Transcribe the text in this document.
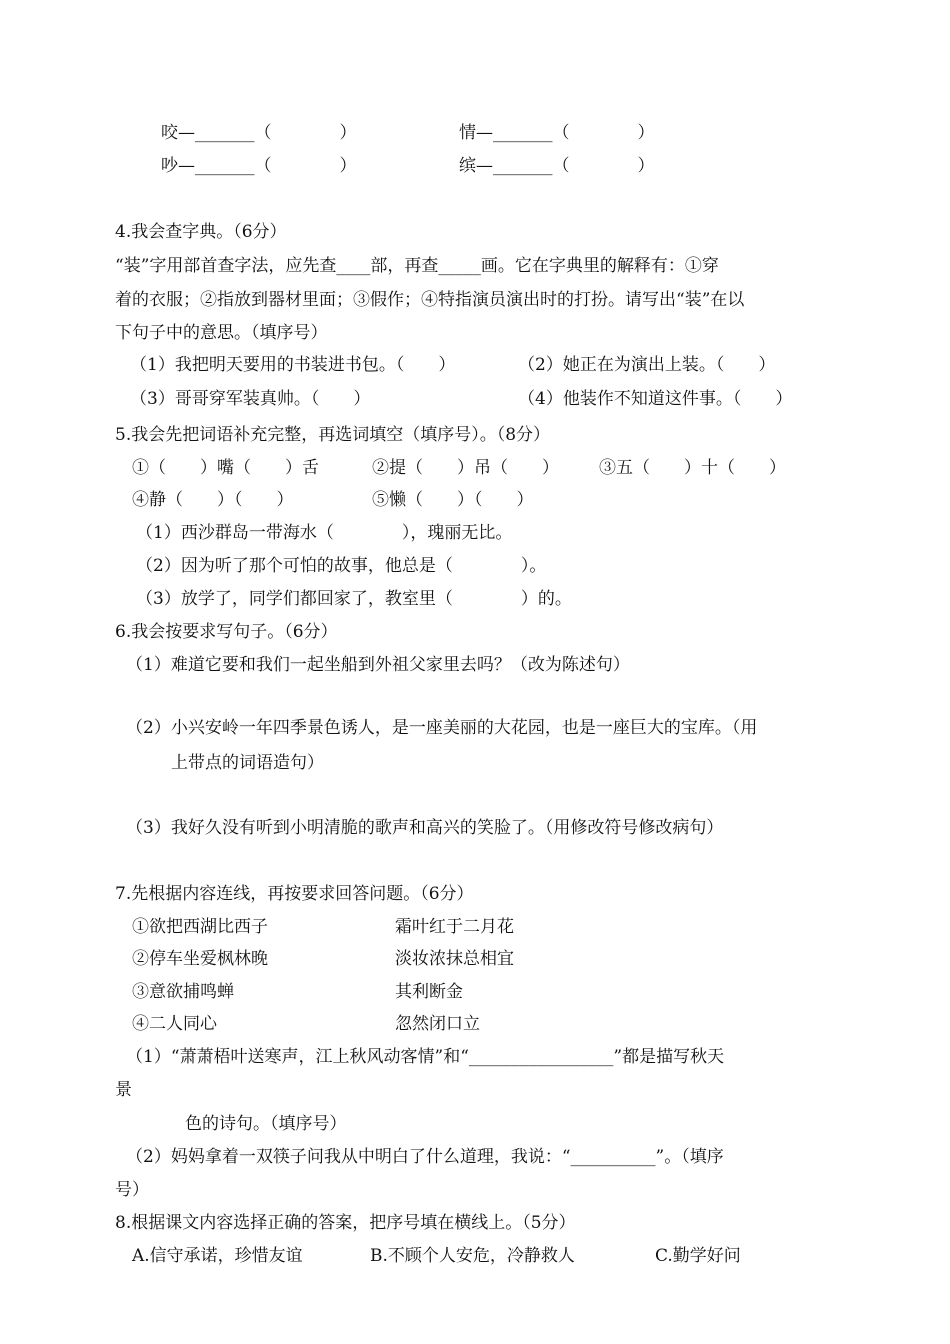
咬—_______（　　　　）	情—_______（　　　　）
吵—_______（　　　　）	缤—_______（　　　　）
4.我会查字典。（6分）
“装”字用部首查字法，应先查____部，再查_____画。它在字典里的解释有：①穿
着的衣服；②指放到器材里面；③假作；④特指演员演出时的打扮。请写出“装”在以
下句子中的意思。（填序号）
（1）我把明天要用的书装进书包。（　　）	（2）她正在为演出上装。（　　）
（3）哥哥穿军装真帅。（　　）	（4）他装作不知道这件事。（　　）
5.我会先把词语补充完整，再选词填空（填序号）。（8分）
①（　　）嘴（　　）舌	②提（　　）吊（　　） ③五（　　）十（　　）
④静（　　）（　　）	⑤懒（　　）（　　）
（1）西沙群岛一带海水（　　　　），瑰丽无比。
（2）因为听了那个可怕的故事，他总是（　　　　）。
（3）放学了，同学们都回家了，教室里（　　　　）的。
6.我会按要求写句子。（6分）
（1）难道它要和我们一起坐船到外祖父家里去吗？（改为陈述句）
（2）小兴安岭一年四季景色诱人，是一座美丽的大花园，也是一座巨大的宝库。（用
上带点的词语造句）
（3）我好久没有听到小明清脆的歌声和高兴的笑脸了。（用修改符号修改病句）
7.先根据内容连线，再按要求回答问题。（6分）
①欲把西湖比西子	霜叶红于二月花
②停车坐爱枫林晚	淡妆浓抹总相宜
③意欲捕鸣蝉	其利断金
④二人同心	忽然闭口立
（1）“萧萧梧叶送寒声，江上秋风动客情”和“_________________”都是描写秋天
景
色的诗句。（填序号）
（2）妈妈拿着一双筷子问我从中明白了什么道理，我说：“__________”。（填序
号）
8.根据课文内容选择正确的答案，把序号填在横线上。（5分）
A.信守承诺，珍惜友谊	B.不顾个人安危，冷静救人	C.勤学好问
